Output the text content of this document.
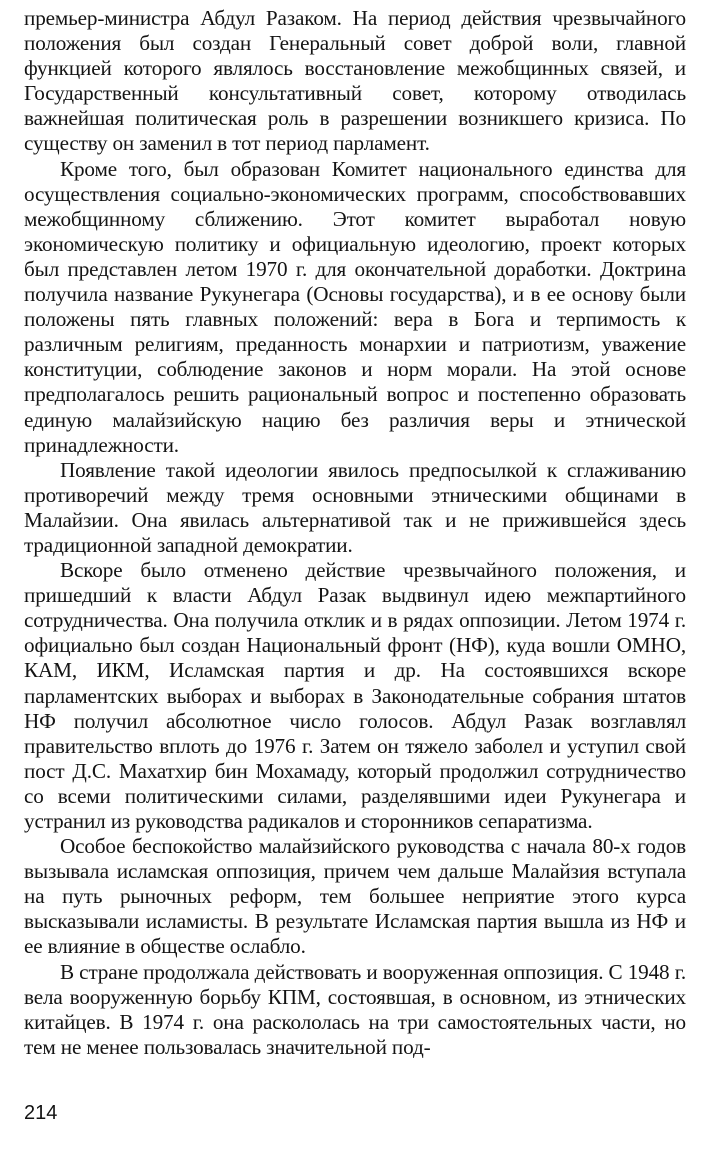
премьер-министра Абдул Разаком. На период действия чрезвычайного положения был создан Генеральный совет доброй воли, главной функцией которого являлось восстановление межобщинных связей, и Государственный консультативный совет, которому отводилась важнейшая политическая роль в разрешении возникшего кризиса. По существу он заменил в тот период парламент.

Кроме того, был образован Комитет национального единства для осуществления социально-экономических программ, способствовавших межобщинному сближению. Этот комитет выработал новую экономическую политику и официальную идеологию, проект которых был представлен летом 1970 г. для окончательной доработки. Доктрина получила название Рукунегара (Основы государства), и в ее основу были положены пять главных положений: вера в Бога и терпимость к различным религиям, преданность монархии и патриотизм, уважение конституции, соблюдение законов и норм морали. На этой основе предполагалось решить рациональный вопрос и постепенно образовать единую малайзийскую нацию без различия веры и этнической принадлежности.

Появление такой идеологии явилось предпосылкой к сглаживанию противоречий между тремя основными этническими общинами в Малайзии. Она явилась альтернативой так и не прижившейся здесь традиционной западной демократии.

Вскоре было отменено действие чрезвычайного положения, и пришедший к власти Абдул Разак выдвинул идею межпартийного сотрудничества. Она получила отклик и в рядах оппозиции. Летом 1974 г. официально был создан Национальный фронт (НФ), куда вошли ОМНО, КАМ, ИКМ, Исламская партия и др. На состоявшихся вскоре парламентских выборах и выборах в Законодательные собрания штатов НФ получил абсолютное число голосов. Абдул Разак возглавлял правительство вплоть до 1976 г. Затем он тяжело заболел и уступил свой пост Д.С. Махатхир бин Мохамаду, который продолжил сотрудничество со всеми политическими силами, разделявшими идеи Рукунегара и устранил из руководства радикалов и сторонников сепаратизма.

Особое беспокойство малайзийского руководства с начала 80-х годов вызывала исламская оппозиция, причем чем дальше Малайзия вступала на путь рыночных реформ, тем большее неприятие этого курса высказывали исламисты. В результате Исламская партия вышла из НФ и ее влияние в обществе ослабло.

В стране продолжала действовать и вооруженная оппозиция. С 1948 г. вела вооруженную борьбу КПМ, состоявшая, в основном, из этнических китайцев. В 1974 г. она раскололась на три самостоятельных части, но тем не менее пользовалась значительной под-

214
